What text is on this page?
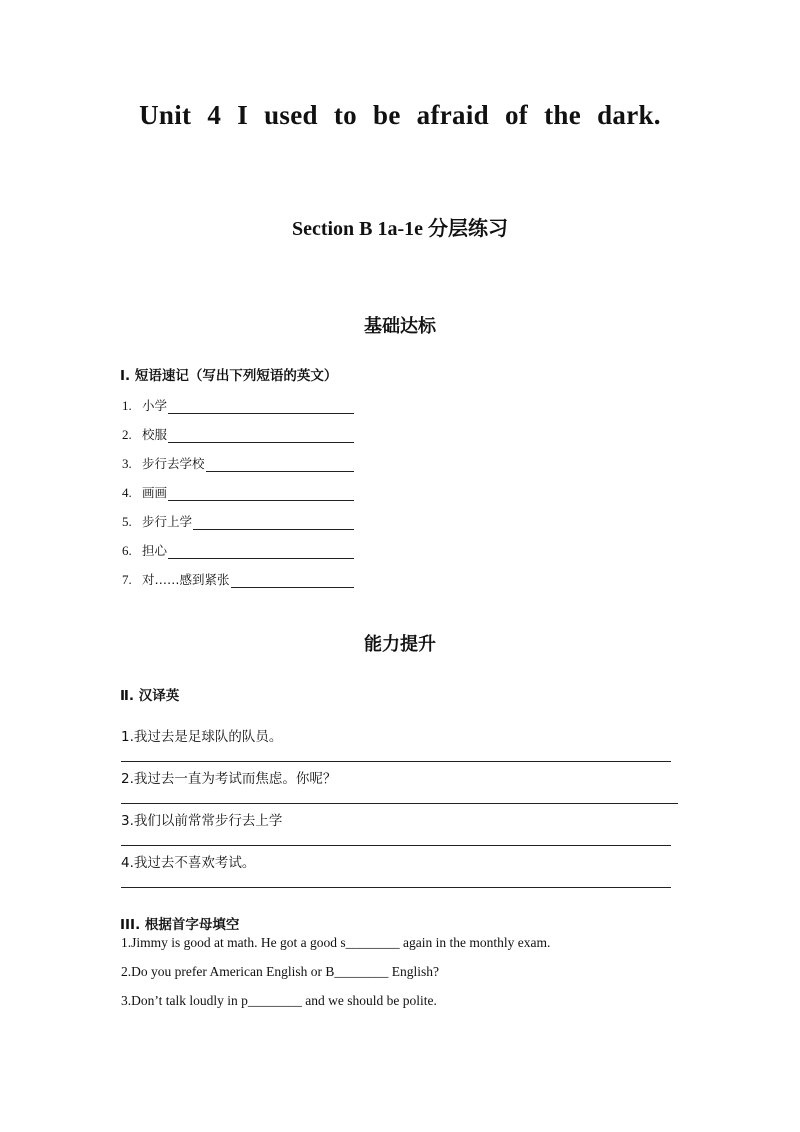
Unit 4 I used to be afraid of the dark.
Section B 1a-1e 分层练习
基础达标
Ⅰ. 短语速记（写出下列短语的英文）
1. 小学
2. 校服
3. 步行去学校
4. 画画
5. 步行上学
6. 担心
7. 对……感到紧张
能力提升
Ⅱ. 汉译英
1.我过去是足球队的队员。
2.我过去一直为考试而焦虑。你呢？
3.我们以前常常步行去上学
4.我过去不喜欢考试。
III. 根据首字母填空
1.Jimmy is good at math. He got a good s________ again in the monthly exam.
2.Do you prefer American English or B________ English?
3.Don’t talk loudly in p________ and we should be polite.
